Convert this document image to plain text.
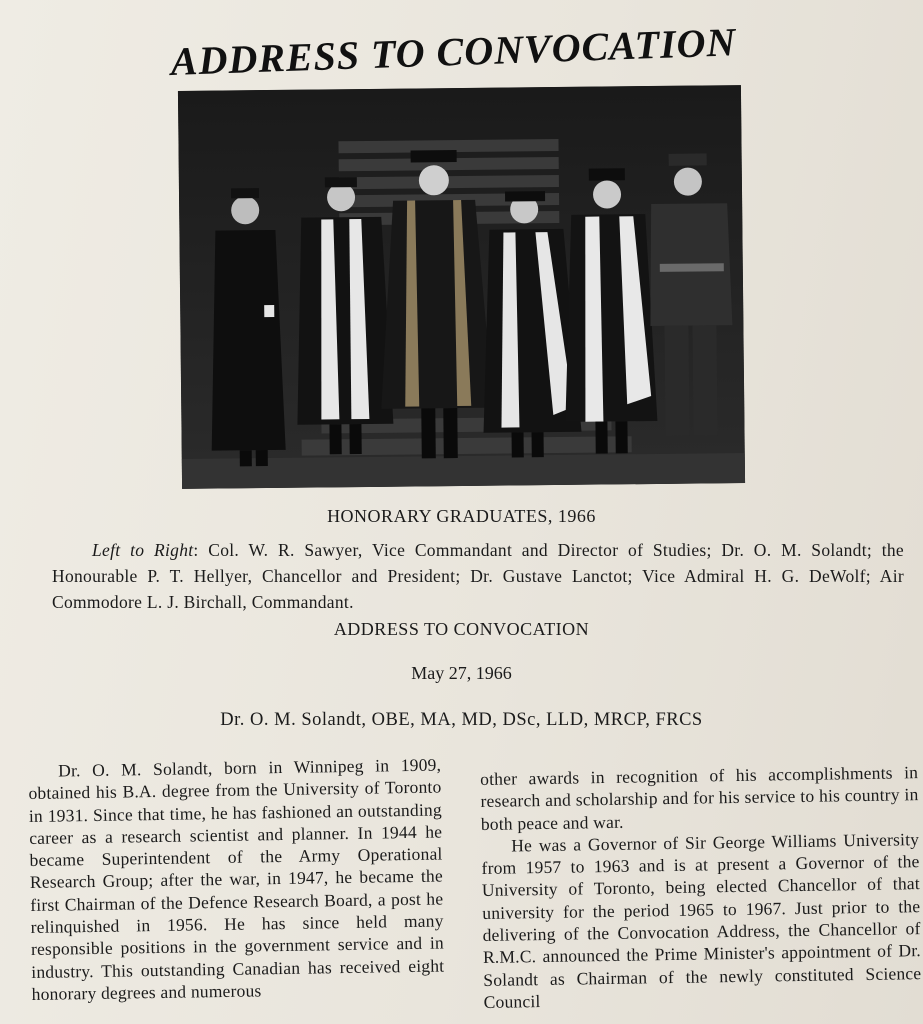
ADDRESS TO CONVOCATION
HONORARY GRADUATES, 1966
Left to Right: Col. W. R. Sawyer, Vice Commandant and Director of Studies; Dr. O. M. Solandt; the Honourable P. T. Hellyer, Chancellor and President; Dr. Gustave Lanctot; Vice Admiral H. G. DeWolf; Air Commodore L. J. Birchall, Commandant.
ADDRESS TO CONVOCATION
May 27, 1966
Dr. O. M. Solandt, OBE, MA, MD, DSc, LLD, MRCP, FRCS

Dr. O. M. Solandt, born in Winnipeg in 1909, obtained his B.A. degree from the University of Toronto in 1931. Since that time, he has fashioned an outstanding career as a research scientist and planner. In 1944 he became Superintendent of the Army Operational Research Group; after the war, in 1947, he became the first Chairman of the Defence Research Board, a post he relinquished in 1956. He has since held many responsible positions in the government service and in industry. This outstanding Canadian has received eight honorary degrees and numerous

other awards in recognition of his accomplishments in research and scholarship and for his service to his country in both peace and war.

He was a Governor of Sir George Williams University from 1957 to 1963 and is at present a Governor of the University of Toronto, being elected Chancellor of that university for the period 1965 to 1967. Just prior to the delivering of the Convocation Address, the Chancellor of R.M.C. announced the Prime Minister's appointment of Dr. Solandt as Chairman of the newly constituted Science Council
